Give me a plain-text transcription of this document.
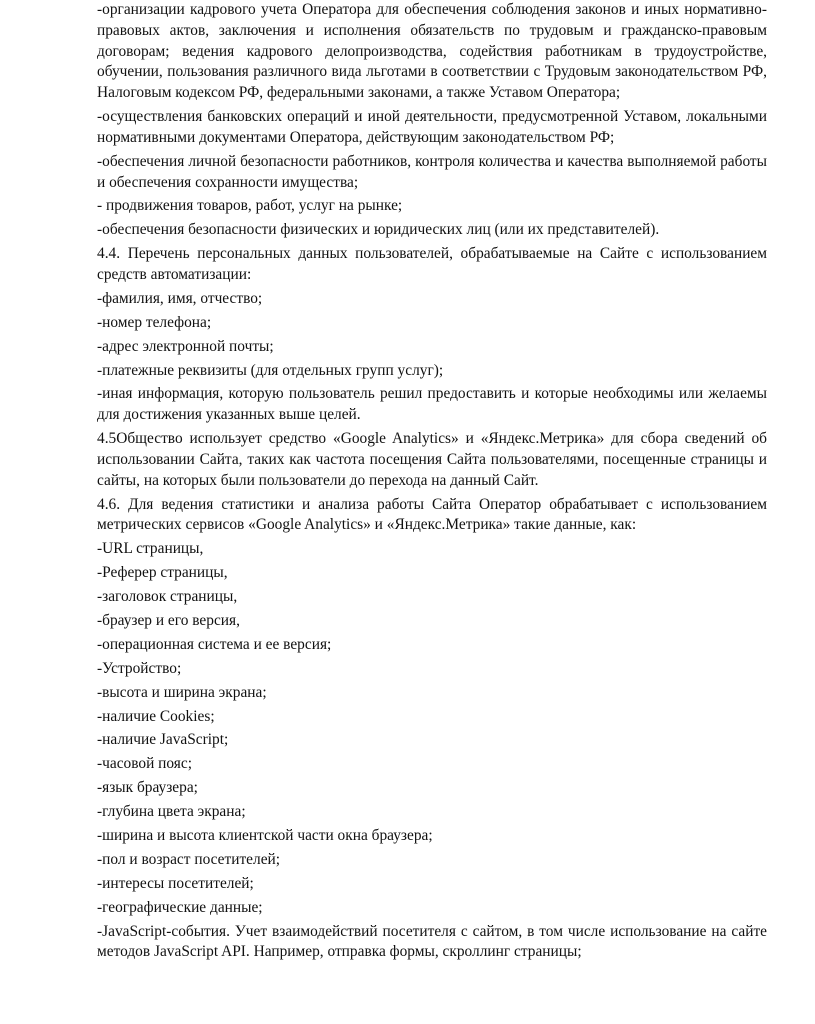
-организации кадрового учета Оператора для обеспечения соблюдения законов и иных нормативно-правовых актов, заключения и исполнения обязательств по трудовым и гражданско-правовым договорам; ведения кадрового делопроизводства, содействия работникам в трудоустройстве, обучении, пользования различного вида льготами в соответствии с Трудовым законодательством РФ, Налоговым кодексом РФ, федеральными законами, а также Уставом Оператора;

-осуществления банковских операций и иной деятельности, предусмотренной Уставом, локальными нормативными документами Оператора, действующим законодательством РФ;

-обеспечения личной безопасности работников, контроля количества и качества выполняемой работы и обеспечения сохранности имущества;

- продвижения товаров, работ, услуг на рынке;

-обеспечения безопасности физических и юридических лиц (или их представителей).

4.4. Перечень персональных данных пользователей, обрабатываемые на Сайте с использованием средств автоматизации:

-фамилия, имя, отчество;

-номер телефона;

-адрес электронной почты;

-платежные реквизиты (для отдельных групп услуг);

-иная информация, которую пользователь решил предоставить и которые необходимы или желаемы для достижения указанных выше целей.

4.5Общество использует средство «Google Analytics» и «Яндекс.Метрика» для сбора сведений об использовании Сайта, таких как частота посещения Сайта пользователями, посещенные страницы и сайты, на которых были пользователи до перехода на данный Сайт.

4.6. Для ведения статистики и анализа работы Сайта Оператор обрабатывает с использованием метрических сервисов «Google Analytics» и «Яндекс.Метрика» такие данные, как:

-URL страницы,

-Реферер страницы,

-заголовок страницы,

-браузер и его версия,

-операционная система и ее версия;

-Устройство;

-высота и ширина экрана;

-наличие Cookies;

-наличие JavaScript;

-часовой пояс;

-язык браузера;

-глубина цвета экрана;

-ширина и высота клиентской части окна браузера;

-пол и возраст посетителей;

-интересы посетителей;

-географические данные;

-JavaScript-события. Учет взаимодействий посетителя с сайтом, в том числе использование на сайте методов JavaScript API. Например, отправка формы, скроллинг страницы;
